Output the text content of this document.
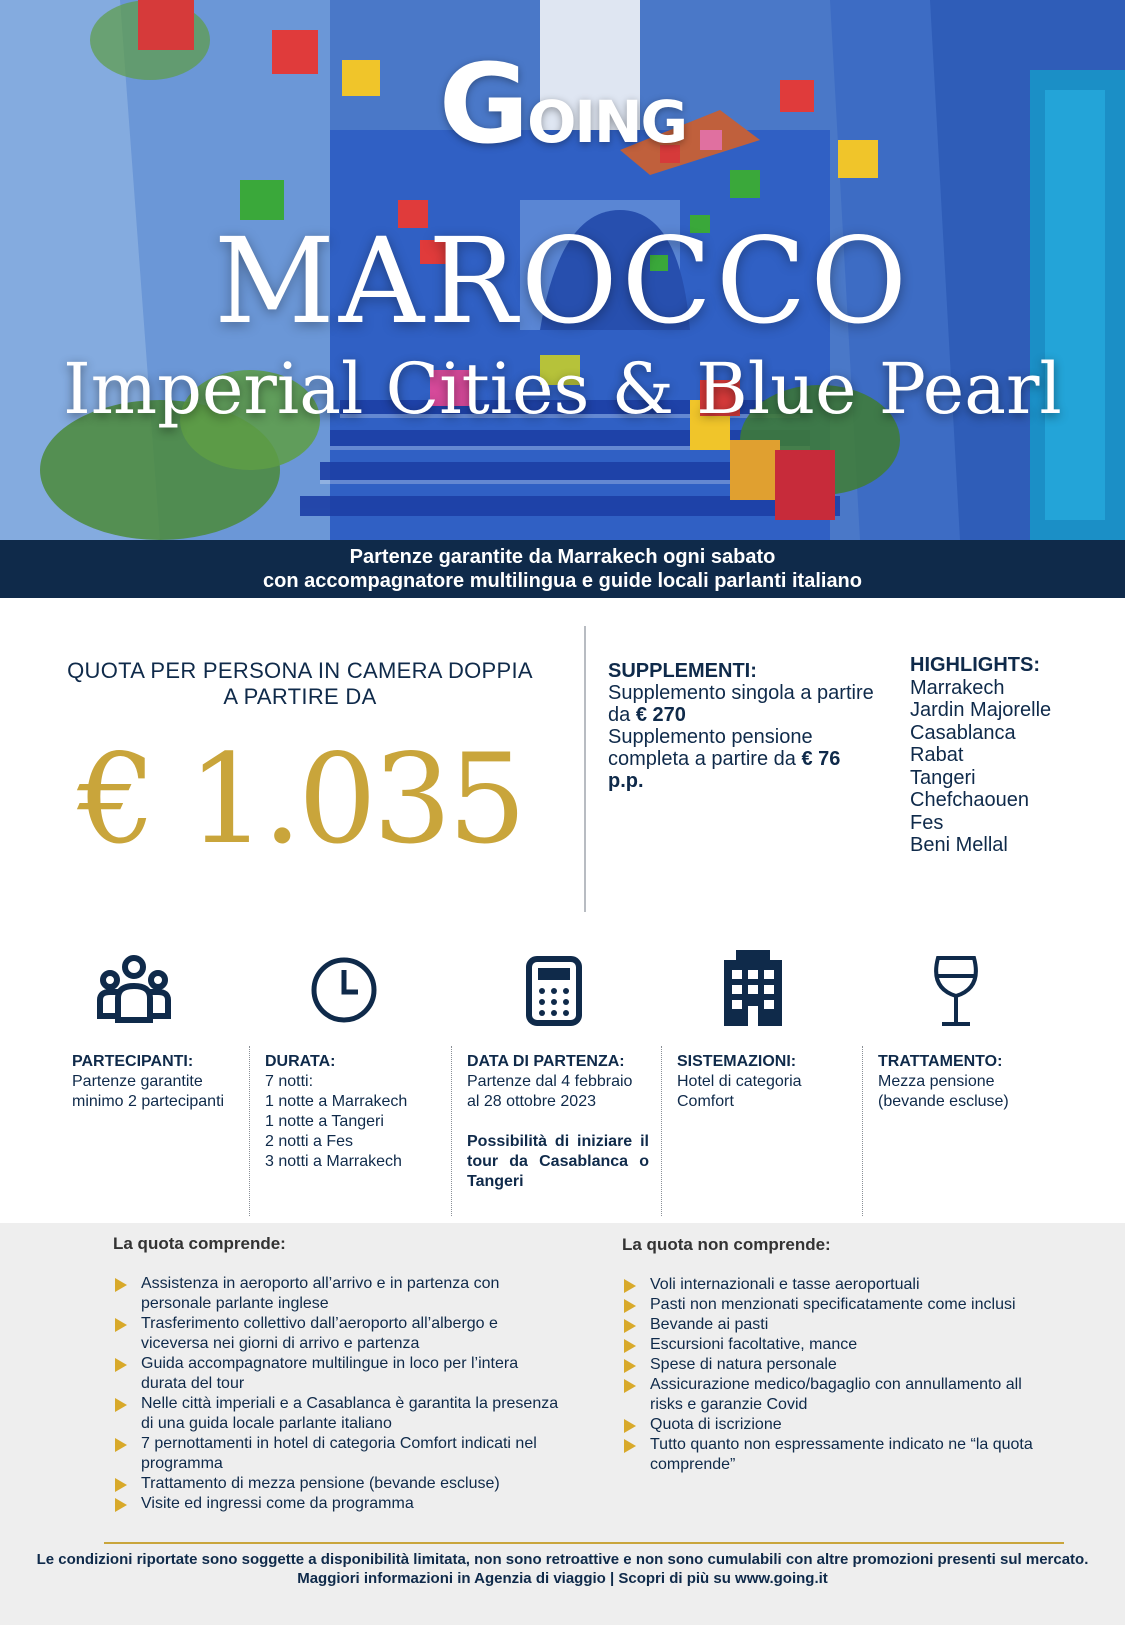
GOING
MAROCCO
Imperial Cities & Blue Pearl
Partenze garantite da Marrakech ogni sabato
con accompagnatore multilingua e guide locali parlanti italiano
QUOTA PER PERSONA IN CAMERA DOPPIA
A PARTIRE DA
€ 1.035
SUPPLEMENTI:
Supplemento singola a partire da € 270
Supplemento pensione completa a partire da € 76 p.p.
HIGHLIGHTS:
Marrakech
Jardin Majorelle
Casablanca
Rabat
Tangeri
Chefchaouen
Fes
Beni Mellal
PARTECIPANTI:
Partenze garantite minimo 2 partecipanti
DURATA:
7 notti:
1 notte a Marrakech
1 notte a Tangeri
2 notti a Fes
3 notti a Marrakech
DATA DI PARTENZA:
Partenze dal 4 febbraio al 28 ottobre 2023
Possibilità di iniziare il tour da Casablanca o Tangeri
SISTEMAZIONI:
Hotel di categoria Comfort
TRATTAMENTO:
Mezza pensione (bevande escluse)
La quota comprende:
Assistenza in aeroporto all’arrivo e in partenza con personale parlante inglese
Trasferimento collettivo dall’aeroporto all’albergo e viceversa nei giorni di arrivo e partenza
Guida accompagnatore multilingue in loco per l’intera durata del tour
Nelle città imperiali e a Casablanca è garantita la presenza di una guida locale parlante italiano
7 pernottamenti in hotel di categoria Comfort indicati nel programma
Trattamento di mezza pensione (bevande escluse)
Visite ed ingressi come da programma
La quota non comprende:
Voli internazionali e tasse aeroportuali
Pasti non menzionati specificatamente come inclusi
Bevande ai pasti
Escursioni facoltative, mance
Spese di natura personale
Assicurazione medico/bagaglio con annullamento all risks e garanzie Covid
Quota di iscrizione
Tutto quanto non espressamente indicato ne “la quota comprende”
Le condizioni riportate sono soggette a disponibilità limitata, non sono retroattive e non sono cumulabili con altre promozioni presenti sul mercato.
Maggiori informazioni in Agenzia di viaggio | Scopri di più su www.going.it
